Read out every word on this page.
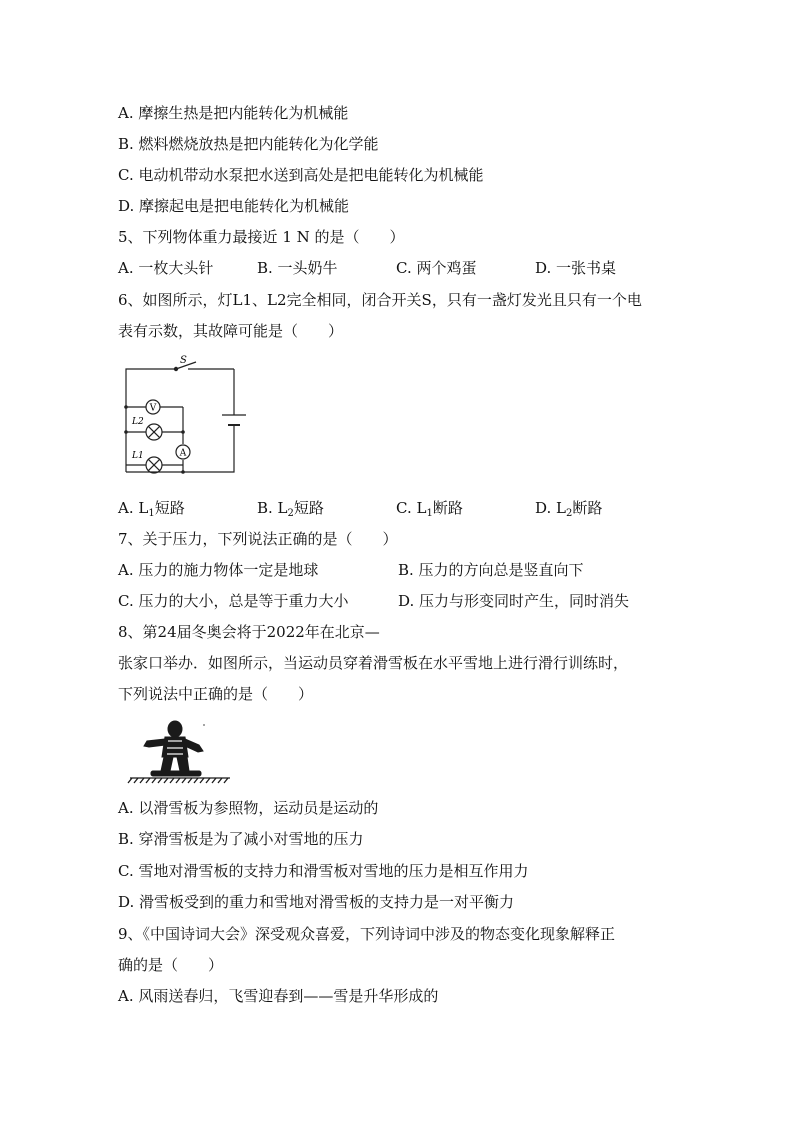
A. 摩擦生热是把内能转化为机械能
B. 燃料燃烧放热是把内能转化为化学能
C. 电动机带动水泵把水送到高处是把电能转化为机械能
D. 摩擦起电是把电能转化为机械能
5、下列物体重力最接近 1 N 的是（　　）
A. 一枚大头针	B. 一头奶牛	C. 两个鸡蛋	D. 一张书桌
6、如图所示，灯L1、L2完全相同，闭合开关S，只有一盏灯发光且只有一个电
表有示数，其故障可能是（　　）
S
V
A
L2
L1
A. $L_1$短路	B. $L_2$短路	C. $L_1$断路	D. $L_2$断路
7、关于压力，下列说法正确的是（　　）
A. 压力的施力物体一定是地球	B. 压力的方向总是竖直向下
C. 压力的大小，总是等于重力大小	D. 压力与形变同时产生，同时消失
8、第24届冬奥会将于2022年在北京—
张家口举办．如图所示，当运动员穿着滑雪板在水平雪地上进行滑行训练时，
下列说法中正确的是（　　）
A. 以滑雪板为参照物，运动员是运动的
B. 穿滑雪板是为了减小对雪地的压力
C. 雪地对滑雪板的支持力和滑雪板对雪地的压力是相互作用力
D. 滑雪板受到的重力和雪地对滑雪板的支持力是一对平衡力
9、《中国诗词大会》深受观众喜爱，下列诗词中涉及的物态变化现象解释正
确的是（　　）
A. 风雨送春归，飞雪迎春到——雪是升华形成的
